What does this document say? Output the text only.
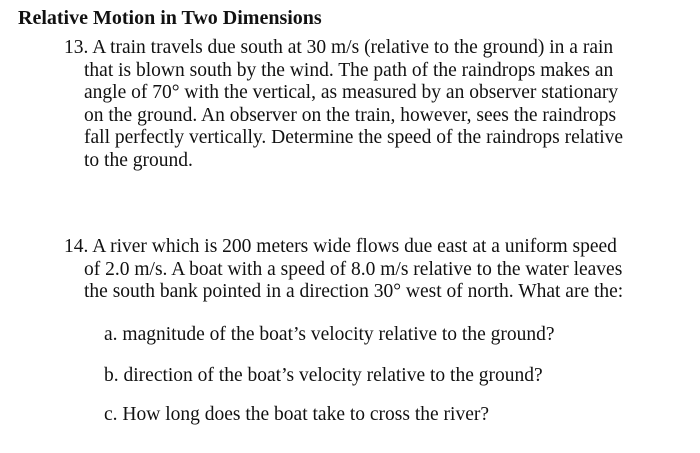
Relative Motion in Two Dimensions
13. A train travels due south at 30 m/s (relative to the ground) in a rain
that is blown south by the wind. The path of the raindrops makes an
angle of 70° with the vertical, as measured by an observer stationary
on the ground. An observer on the train, however, sees the raindrops
fall perfectly vertically. Determine the speed of the raindrops relative
to the ground.
14. A river which is 200 meters wide flows due east at a uniform speed
of 2.0 m/s. A boat with a speed of 8.0 m/s relative to the water leaves
the south bank pointed in a direction 30° west of north. What are the:
a. magnitude of the boat’s velocity relative to the ground?
b. direction of the boat’s velocity relative to the ground?
c. How long does the boat take to cross the river?
